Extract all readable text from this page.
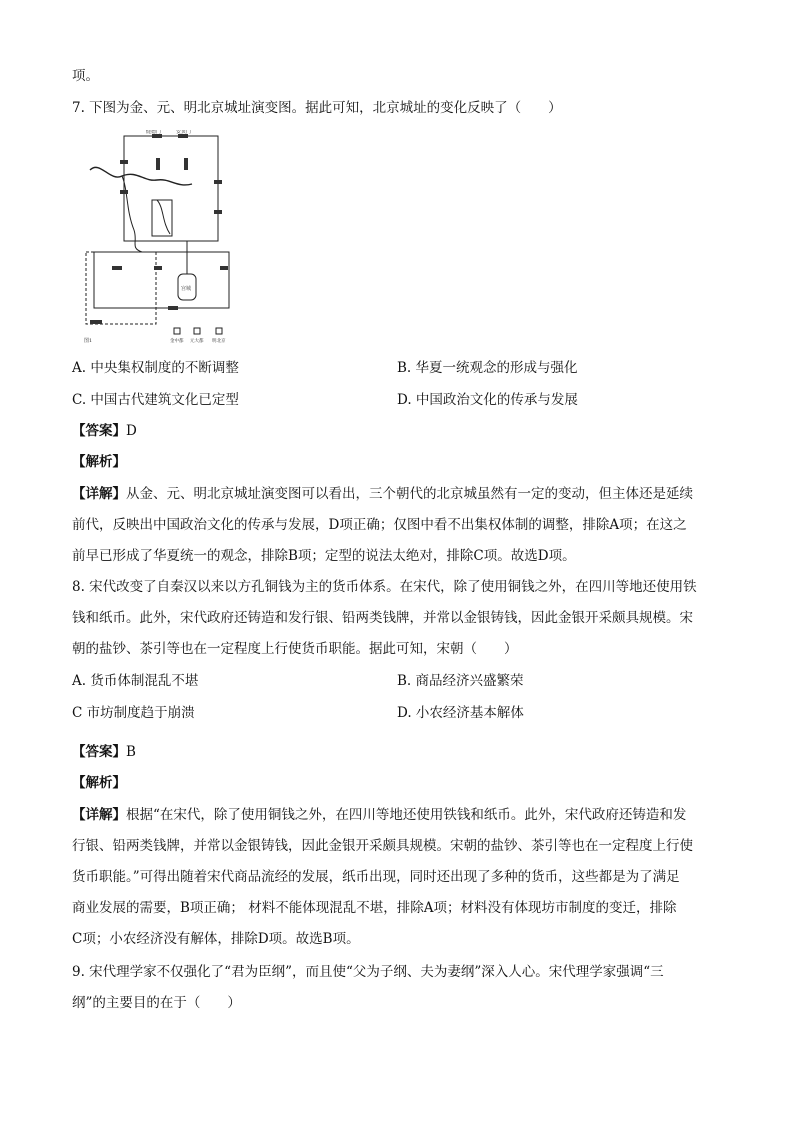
项。
7. 下图为金、元、明北京城址演变图。据此可知，北京城址的变化反映了（　　）
健德门	安贞门
宫城
金中都 元大都 明北京
图1
A. 中央集权制度的不断调整	B. 华夏一统观念的形成与强化
C. 中国古代建筑文化已定型	D. 中国政治文化的传承与发展
【答案】D
【解析】
【详解】从金、元、明北京城址演变图可以看出，三个朝代的北京城虽然有一定的变动，但主体还是延续
前代，反映出中国政治文化的传承与发展，D项正确；仅图中看不出集权体制的调整，排除A项；在这之
前早已形成了华夏统一的观念，排除B项；定型的说法太绝对，排除C项。故选D项。
8. 宋代改变了自秦汉以来以方孔铜钱为主的货币体系。在宋代，除了使用铜钱之外，在四川等地还使用铁
钱和纸币。此外，宋代政府还铸造和发行银、铅两类钱牌，并常以金银铸钱，因此金银开采颇具规模。宋
朝的盐钞、茶引等也在一定程度上行使货币职能。据此可知，宋朝（　　）
A. 货币体制混乱不堪	B. 商品经济兴盛繁荣
C 市坊制度趋于崩溃	D. 小农经济基本解体
【答案】B
【解析】
【详解】根据“在宋代，除了使用铜钱之外，在四川等地还使用铁钱和纸币。此外，宋代政府还铸造和发
行银、铅两类钱牌，并常以金银铸钱，因此金银开采颇具规模。宋朝的盐钞、茶引等也在一定程度上行使
货币职能。”可得出随着宋代商品流经的发展，纸币出现，同时还出现了多种的货币，这些都是为了满足
商业发展的需要，B项正确； 材料不能体现混乱不堪，排除A项；材料没有体现坊市制度的变迁，排除
C项；小农经济没有解体，排除D项。故选B项。
9. 宋代理学家不仅强化了“君为臣纲”，而且使“父为子纲、夫为妻纲”深入人心。宋代理学家强调“三
纲”的主要目的在于（　　）
